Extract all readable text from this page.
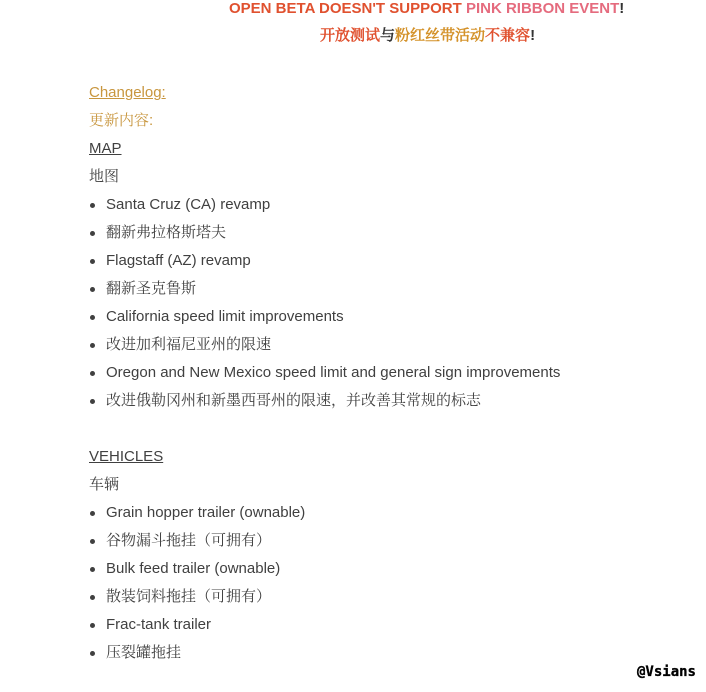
OPEN BETA DOESN'T SUPPORT PINK RIBBON EVENT!
开放测试与粉红丝带活动不兼容!
Changelog:
更新内容:
MAP
地图
Santa Cruz (CA) revamp
翻新弗拉格斯塔夫
Flagstaff (AZ) revamp
翻新圣克鲁斯
California speed limit improvements
改进加利福尼亚州的限速
Oregon and New Mexico speed limit and general sign improvements
改进俄勒冈州和新墨西哥州的限速，并改善其常规的标志
VEHICLES
车辆
Grain hopper trailer (ownable)
谷物漏斗拖挂（可拥有）
Bulk feed trailer (ownable)
散装饲料拖挂（可拥有）
Frac-tank trailer
压裂罐拖挂
@Vsians
